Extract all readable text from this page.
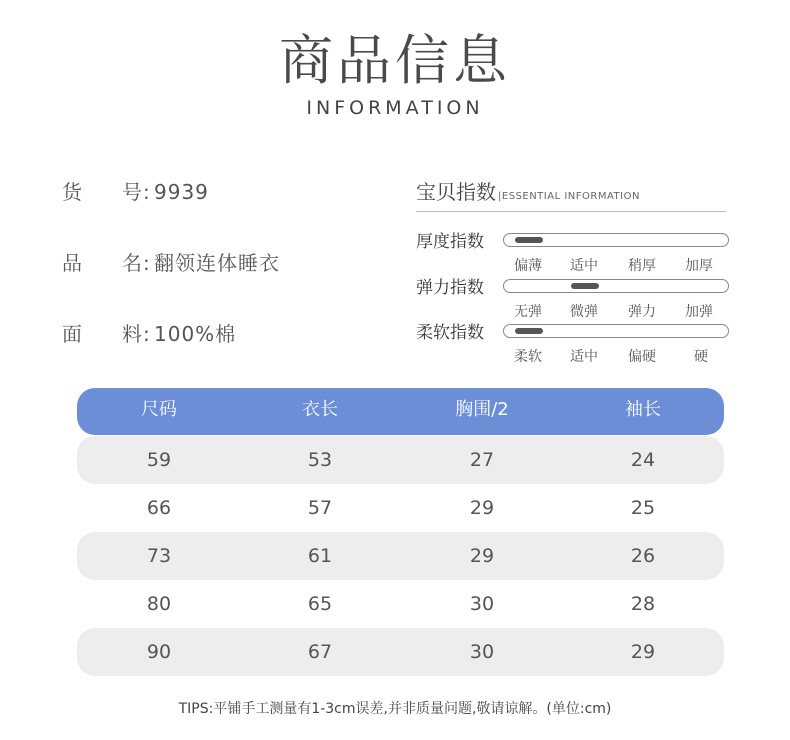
商品信息
INFORMATION
货 号: 9939
品 名: 翻领连体睡衣
面 料: 100%棉
宝贝指数 |ESSENTIAL INFORMATION
厚度指数
偏薄 适中 稍厚 加厚
弹力指数
无弹 微弹 弹力 加弹
柔软指数
柔软 适中 偏硬	硬
尺码	衣长	胸围/2	袖长
59	53	27	24
66	57	29	25
73	61	29	26
80	65	30	28
90	67	30	29
TIPS:平铺手工测量有1-3cm误差,并非质量问题,敬请谅解。(单位:cm)
